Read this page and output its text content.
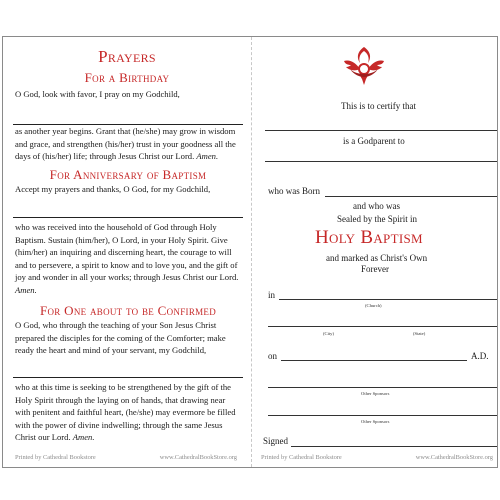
Prayers
For a Birthday

O God, look with favor, I pray on my Godchild,

as another year begins. Grant that (he/she) may grow in wisdom and grace, and strengthen (his/her) trust in your goodness all the days of (his/her) life; through Jesus Christ our Lord. Amen.

For Anniversary of Baptism

Accept my prayers and thanks, O God, for my Godchild,

who was received into the household of God through Holy Baptism. Sustain (him/her), O Lord, in your Holy Spirit. Give (him/her) an inquiring and discerning heart, the courage to will and to persevere, a spirit to know and to love you, and the gift of joy and wonder in all your works; through Jesus Christ our Lord. Amen.

For One about to be Confirmed

O God, who through the teaching of your Son Jesus Christ prepared the disciples for the coming of the Comforter; make ready the heart and mind of your servant, my Godchild,

who at this time is seeking to be strengthened by the gift of the Holy Spirit through the laying on of hands, that drawing near with penitent and faithful heart, (he/she) may evermore be filled with the power of divine indwelling; through the same Jesus Christ our Lord. Amen.

Printed by Cathedral Bookstore	www.CathedralBookStore.org
This is to certify that
is a Godparent to
who was Born
and who was
Sealed by the Spirit in
Holy Baptism
and marked as Christ's Own
Forever
in
(Church)
(City)	(State)
on	A.D.
Other Sponsors
Other Sponsors
Signed
Printed by Cathedral Bookstore	www.CathedralBookStore.org
